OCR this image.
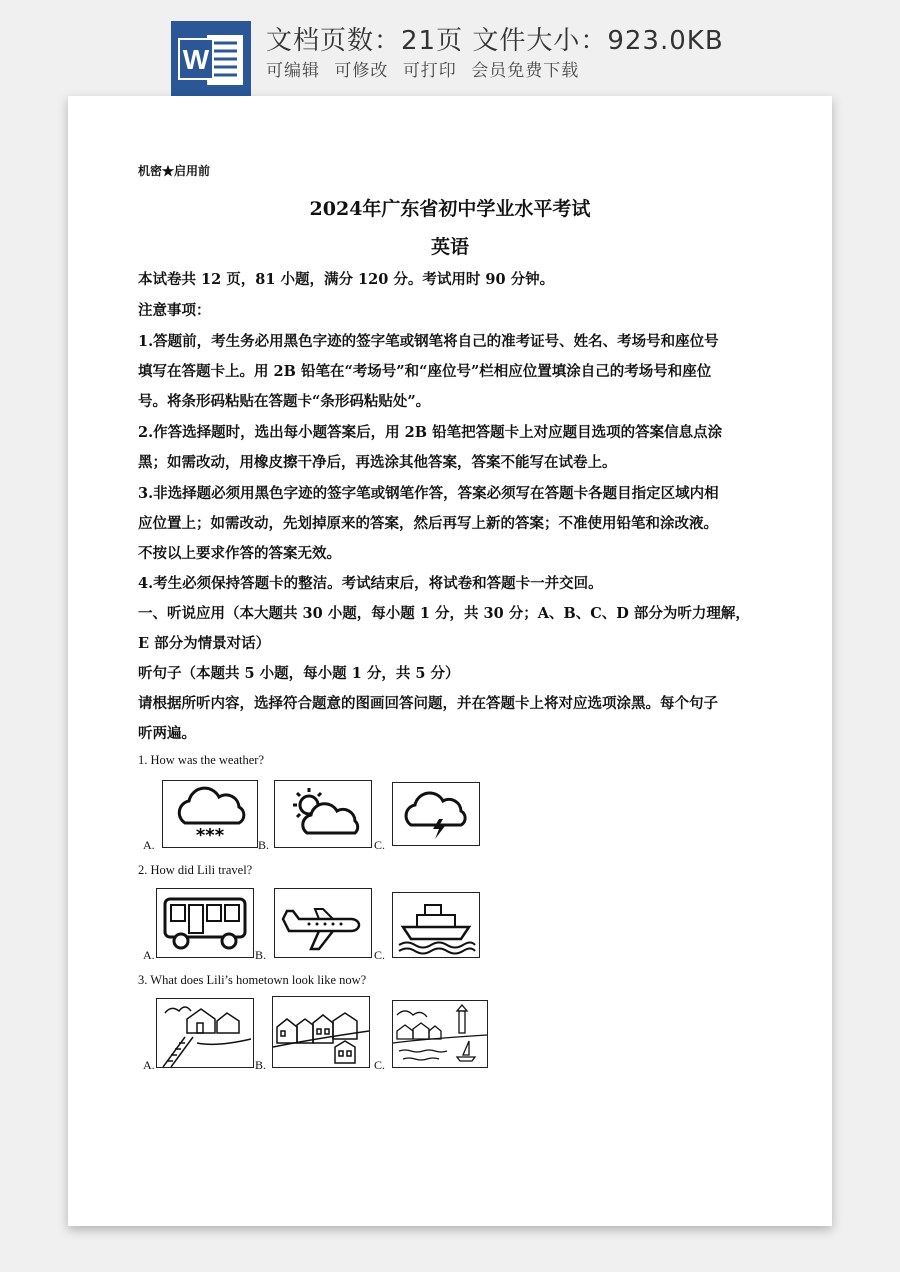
W
文档页数：21页 文件大小：923.0KB
可编辑 可修改 可打印 会员免费下载
机密★启用前
2024年广东省初中学业水平考试
英语
本试卷共 12 页，81 小题，满分 120 分。考试用时 90 分钟。
注意事项：
1.答题前，考生务必用黑色字迹的签字笔或钢笔将自己的准考证号、姓名、考场号和座位号
填写在答题卡上。用 2B 铅笔在“考场号”和“座位号”栏相应位置填涂自己的考场号和座位
号。将条形码粘贴在答题卡“条形码粘贴处”。
2.作答选择题时，选出每小题答案后，用 2B 铅笔把答题卡上对应题目选项的答案信息点涂
黑；如需改动，用橡皮擦干净后，再选涂其他答案，答案不能写在试卷上。
3.非选择题必须用黑色字迹的签字笔或钢笔作答，答案必须写在答题卡各题目指定区域内相
应位置上；如需改动，先划掉原来的答案，然后再写上新的答案；不准使用铅笔和涂改液。
不按以上要求作答的答案无效。
4.考生必须保持答题卡的整洁。考试结束后，将试卷和答题卡一并交回。
一、听说应用（本大题共 30 小题，每小题 1 分，共 30 分；A、B、C、D 部分为听力理解，
E 部分为情景对话）
听句子（本题共 5 小题，每小题 1 分，共 5 分）
请根据所听内容，选择符合题意的图画回答问题，并在答题卡上将对应选项涂黑。每个句子
听两遍。
1. How was the weather?
A. ***	B.	C.
2. How did Lili travel?
A.	B.	C.
3. What does Lili’s hometown look like now?
A.	B.	C.
